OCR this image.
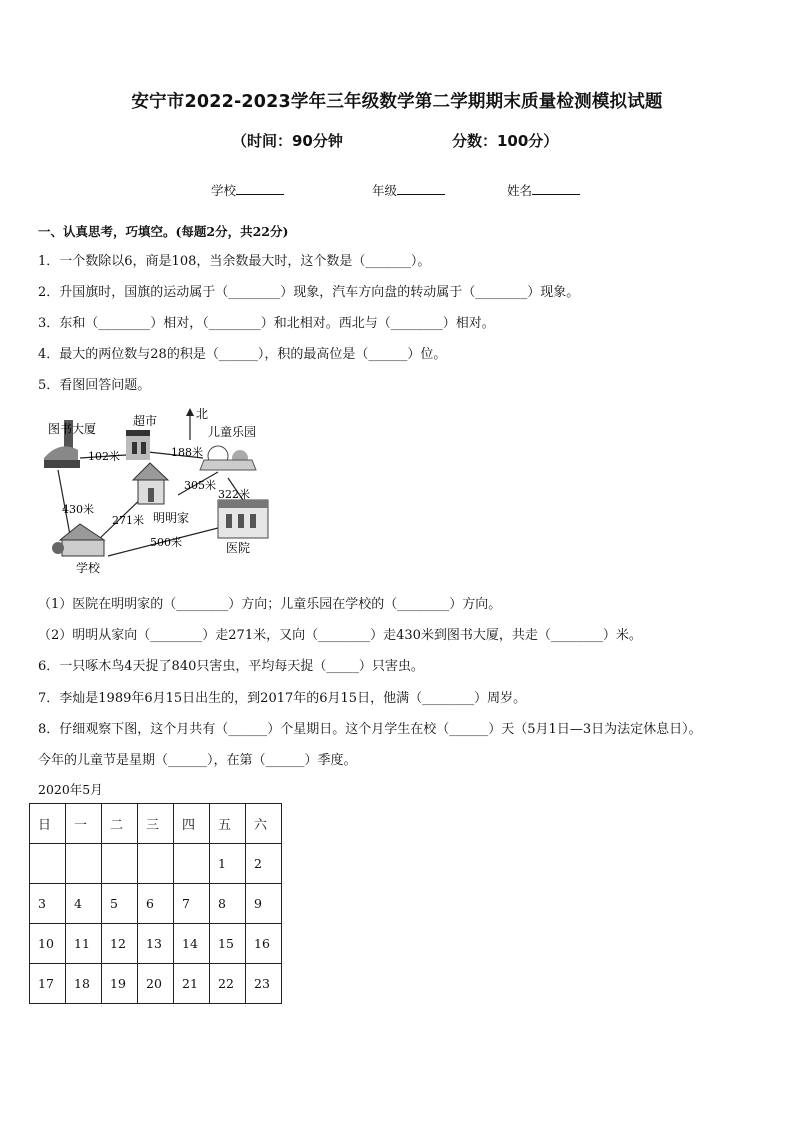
安宁市2022-2023学年三年级数学第二学期期末质量检测模拟试题
（时间：90分钟	分数：100分）
学校	年级	姓名
一、认真思考，巧填空。(每题2分，共22分)
1．一个数除以6，商是108，当余数最大时，这个数是（_______）。
2．升国旗时，国旗的运动属于（________）现象，汽车方向盘的转动属于（________）现象。
3．东和（________）相对，（________）和北相对。西北与（________）相对。
4．最大的两位数与28的积是（______），积的最高位是（______）位。
5．看图回答问题。
北
图书大厦
超市
儿童乐园
明明家
医院
学校
102米	188米
305米
322米
430米
271米
500米
（1）医院在明明家的（________）方向；儿童乐园在学校的（________）方向。
（2）明明从家向（________）走271米，又向（________）走430米到图书大厦，共走（________）米。
6．一只啄木鸟4天捉了840只害虫，平均每天捉（_____）只害虫。
7．李灿是1989年6月15日出生的，到2017年的6月15日，他满（________）周岁。
8．仔细观察下图，这个月共有（______）个星期日。这个月学生在校（______）天（5月1日—3日为法定休息日）。
今年的儿童节是星期（______），在第（______）季度。
2020年5月
日	一	二	三	四	五	六
					1	2
3	4	5	6	7	8	9
10	11	12	13	14	15	16
17	18	19	20	21	22	23
